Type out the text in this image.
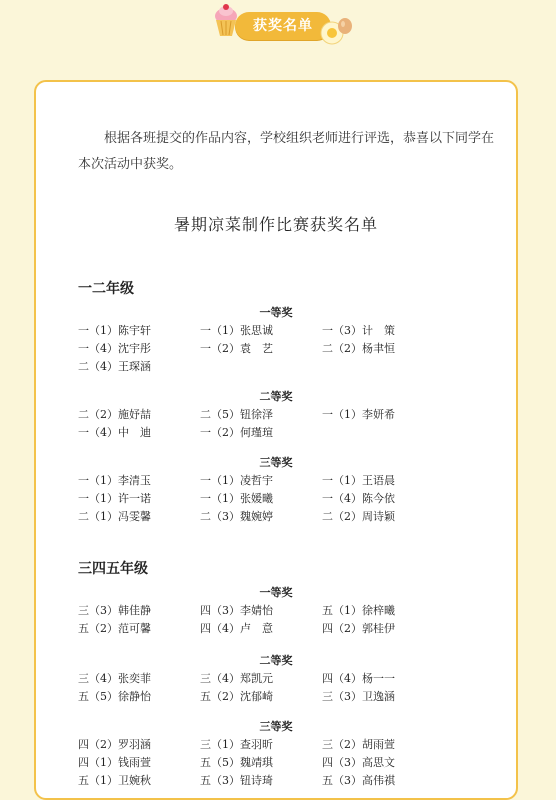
获奖名单
根据各班提交的作品内容，学校组织老师进行评选，恭喜以下同学在本次活动中获奖。
暑期凉菜制作比赛获奖名单
一二年级
一等奖
一（1）陈宇轩	一（1）张思诚	一（3）计　策
一（4）沈宇彤	一（2）袁　艺	二（2）杨聿恒
二（4）王琛涵
二等奖
二（2）施妤喆	二（5）钮徐泽	一（1）李妍希
一（4）中　迪	一（2）何瑾瑄
三等奖
一（1）李清玉	一（1）凌哲宇	一（1）王语晨
一（1）许一诺	一（1）张媛曦	一（4）陈今依
二（1）冯雯馨	二（3）魏婉婷	二（2）周诗颖
三四五年级
一等奖
三（3）韩佳静	四（3）李婧怡	五（1）徐梓曦
五（2）范可馨	四（4）卢　意	四（2）郭桂伊
二等奖
三（4）张奕菲	三（4）郑凯元	四（4）杨一一
五（5）徐静怡	五（2）沈郁崎	三（3）卫逸涵
三等奖
四（2）罗羽涵	三（1）查羽昕	三（2）胡雨萱
四（1）钱雨萱	五（5）魏靖琪	四（3）高思文
五（1）卫婉秋	五（3）钮诗琦	五（3）高伟祺
